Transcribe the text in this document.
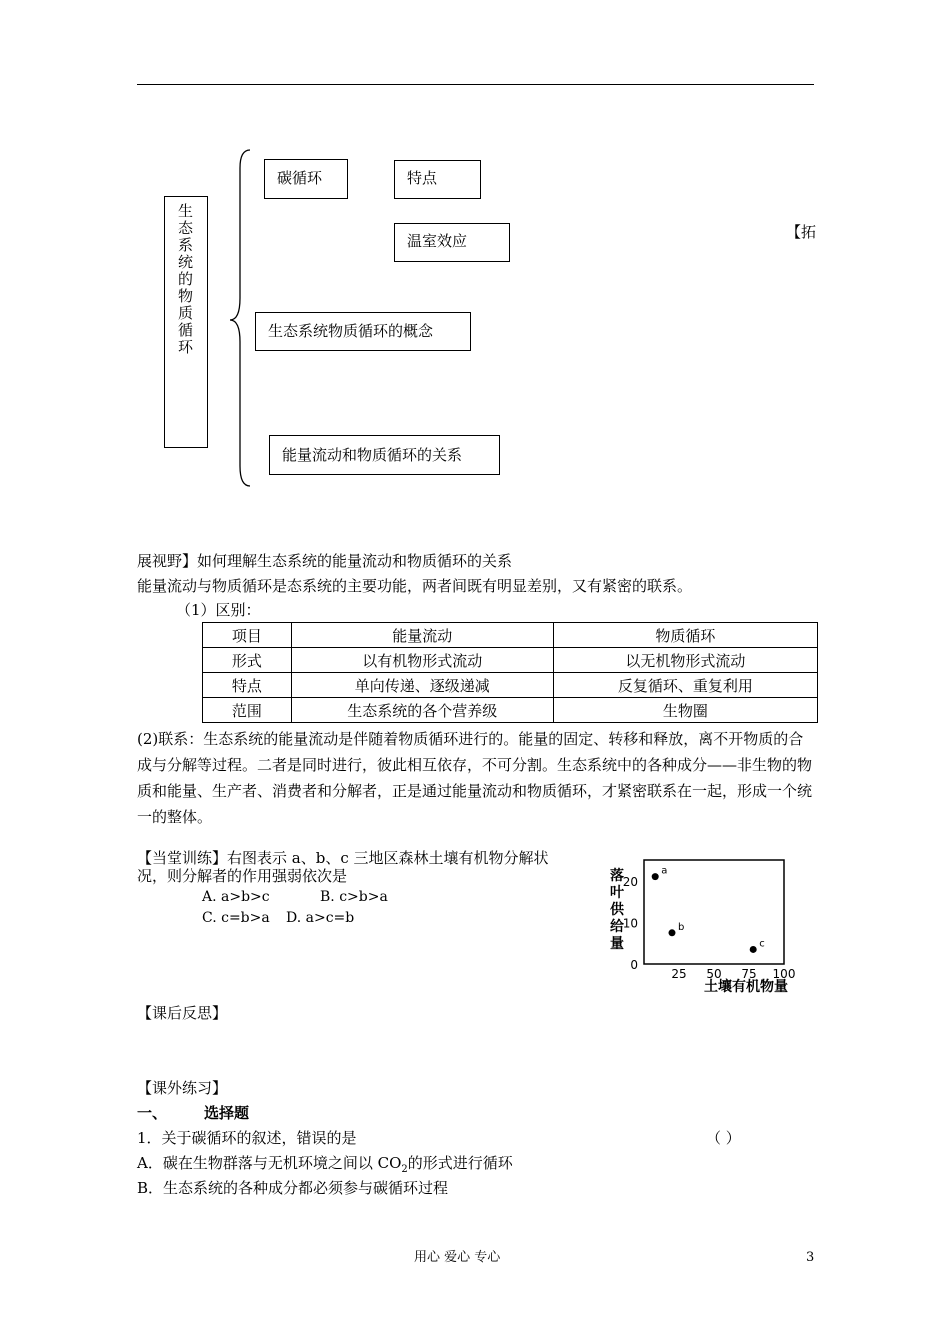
生态系统的物质循环
碳循环	特点
温室效应
生态系统物质循环的概念
能量流动和物质循环的关系
【拓
展视野】如何理解生态系统的能量流动和物质循环的关系
能量流动与物质循环是态系统的主要功能，两者间既有明显差别，又有紧密的联系。
（1）区别：
项目	能量流动	物质循环
形式	以有机物形式流动	以无机物形式流动
特点	单向传递、逐级递减	反复循环、重复利用
范围	生态系统的各个营养级	生物圈
(2)联系：生态系统的能量流动是伴随着物质循环进行的。能量的固定、转移和释放，离不开物质的合成与分解等过程。二者是同时进行，彼此相互依存，不可分割。生态系统中的各种成分——非生物的物质和能量、生产者、消费者和分解者，正是通过能量流动和物质循环，才紧密联系在一起，形成一个统一的整体。
【当堂训练】右图表示 a、b、c 三地区森林土壤有机物分解状
况，则分解者的作用强弱依次是
A. a>b>c	B. c>b>a
C. c=b>a D. a>c=b
落
叶
供
给
量
0
10
20
25 50 75 100
a
b
c
土壤有机物量
【课后反思】
【课外练习】
一、 选择题
1．关于碳循环的叙述，错误的是	（ ）
A．碳在生物群落与无机环境之间以 $CO_2$的形式进行循环
B．生态系统的各种成分都必须参与碳循环过程
用心 爱心 专心	3
